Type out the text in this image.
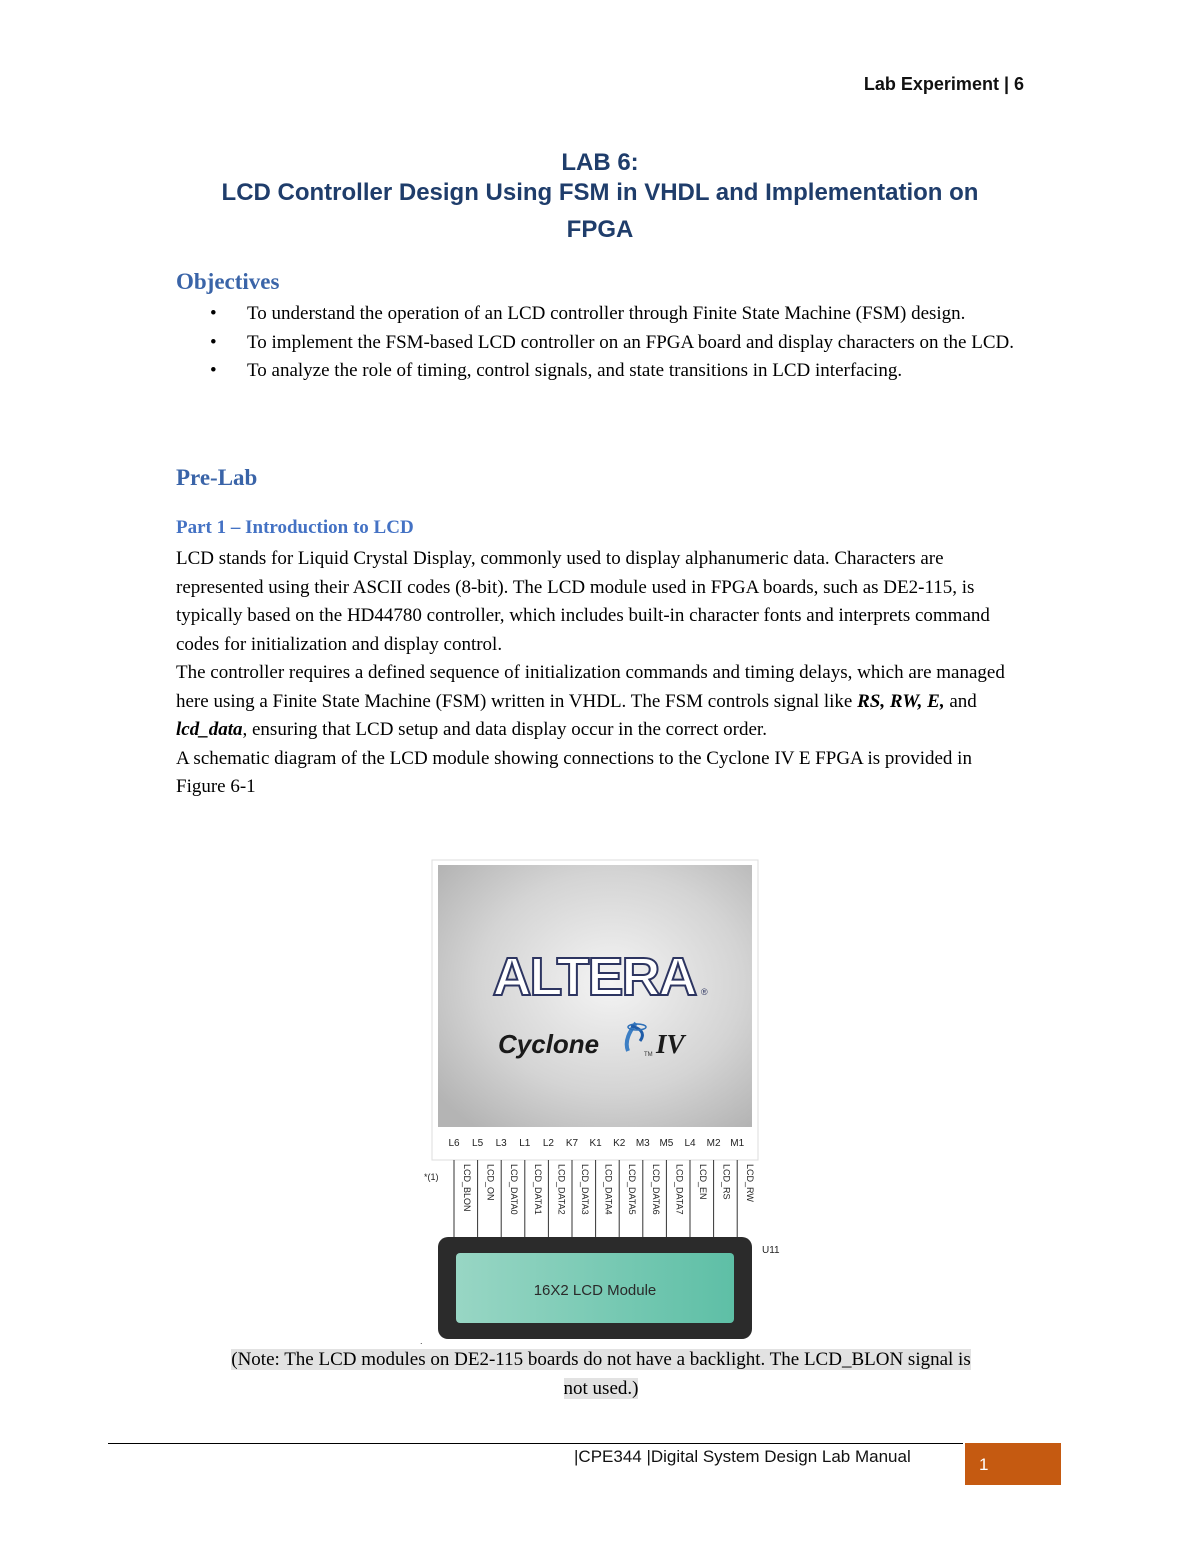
Lab Experiment | 6
LAB 6:
LCD Controller Design Using FSM in VHDL and Implementation on
FPGA
Objectives
• To understand the operation of an LCD controller through Finite State Machine (FSM) design.
• To implement the FSM-based LCD controller on an FPGA board and display characters on the LCD.
• To analyze the role of timing, control signals, and state transitions in LCD interfacing.
Pre-Lab
Part 1 – Introduction to LCD

LCD stands for Liquid Crystal Display, commonly used to display alphanumeric data. Characters are represented using their ASCII codes (8-bit). The LCD module used in FPGA boards, such as DE2-115, is typically based on the HD44780 controller, which includes built-in character fonts and interprets command codes for initialization and display control.

The controller requires a defined sequence of initialization commands and timing delays, which are managed here using a Finite State Machine (FSM) written in VHDL. The FSM controls signal like RS, RW, E, and lcd_data, ensuring that LCD setup and data display occur in the correct order.

A schematic diagram of the LCD module showing connections to the Cyclone IV E FPGA is provided in Figure 6-1

ALTERA ®
Cyclone	TM IV
L6 L5 L3 L1 L2 K7 K1 K2 M3 M5 L4 M2 M1
LCD_BLON LCD_ON LCD_DATA0 LCD_DATA1 LCD_DATA2 LCD_DATA3 LCD_DATA4 LCD_DATA5 LCD_DATA6 LCD_DATA7 LCD_EN LCD_RS LCD_RW
*(1)
U11
16X2 LCD Module
.
(Note: The LCD modules on DE2-115 boards do not have a backlight. The LCD_BLON signal is
not used.)
|CPE344 |Digital System Design Lab Manual	1
